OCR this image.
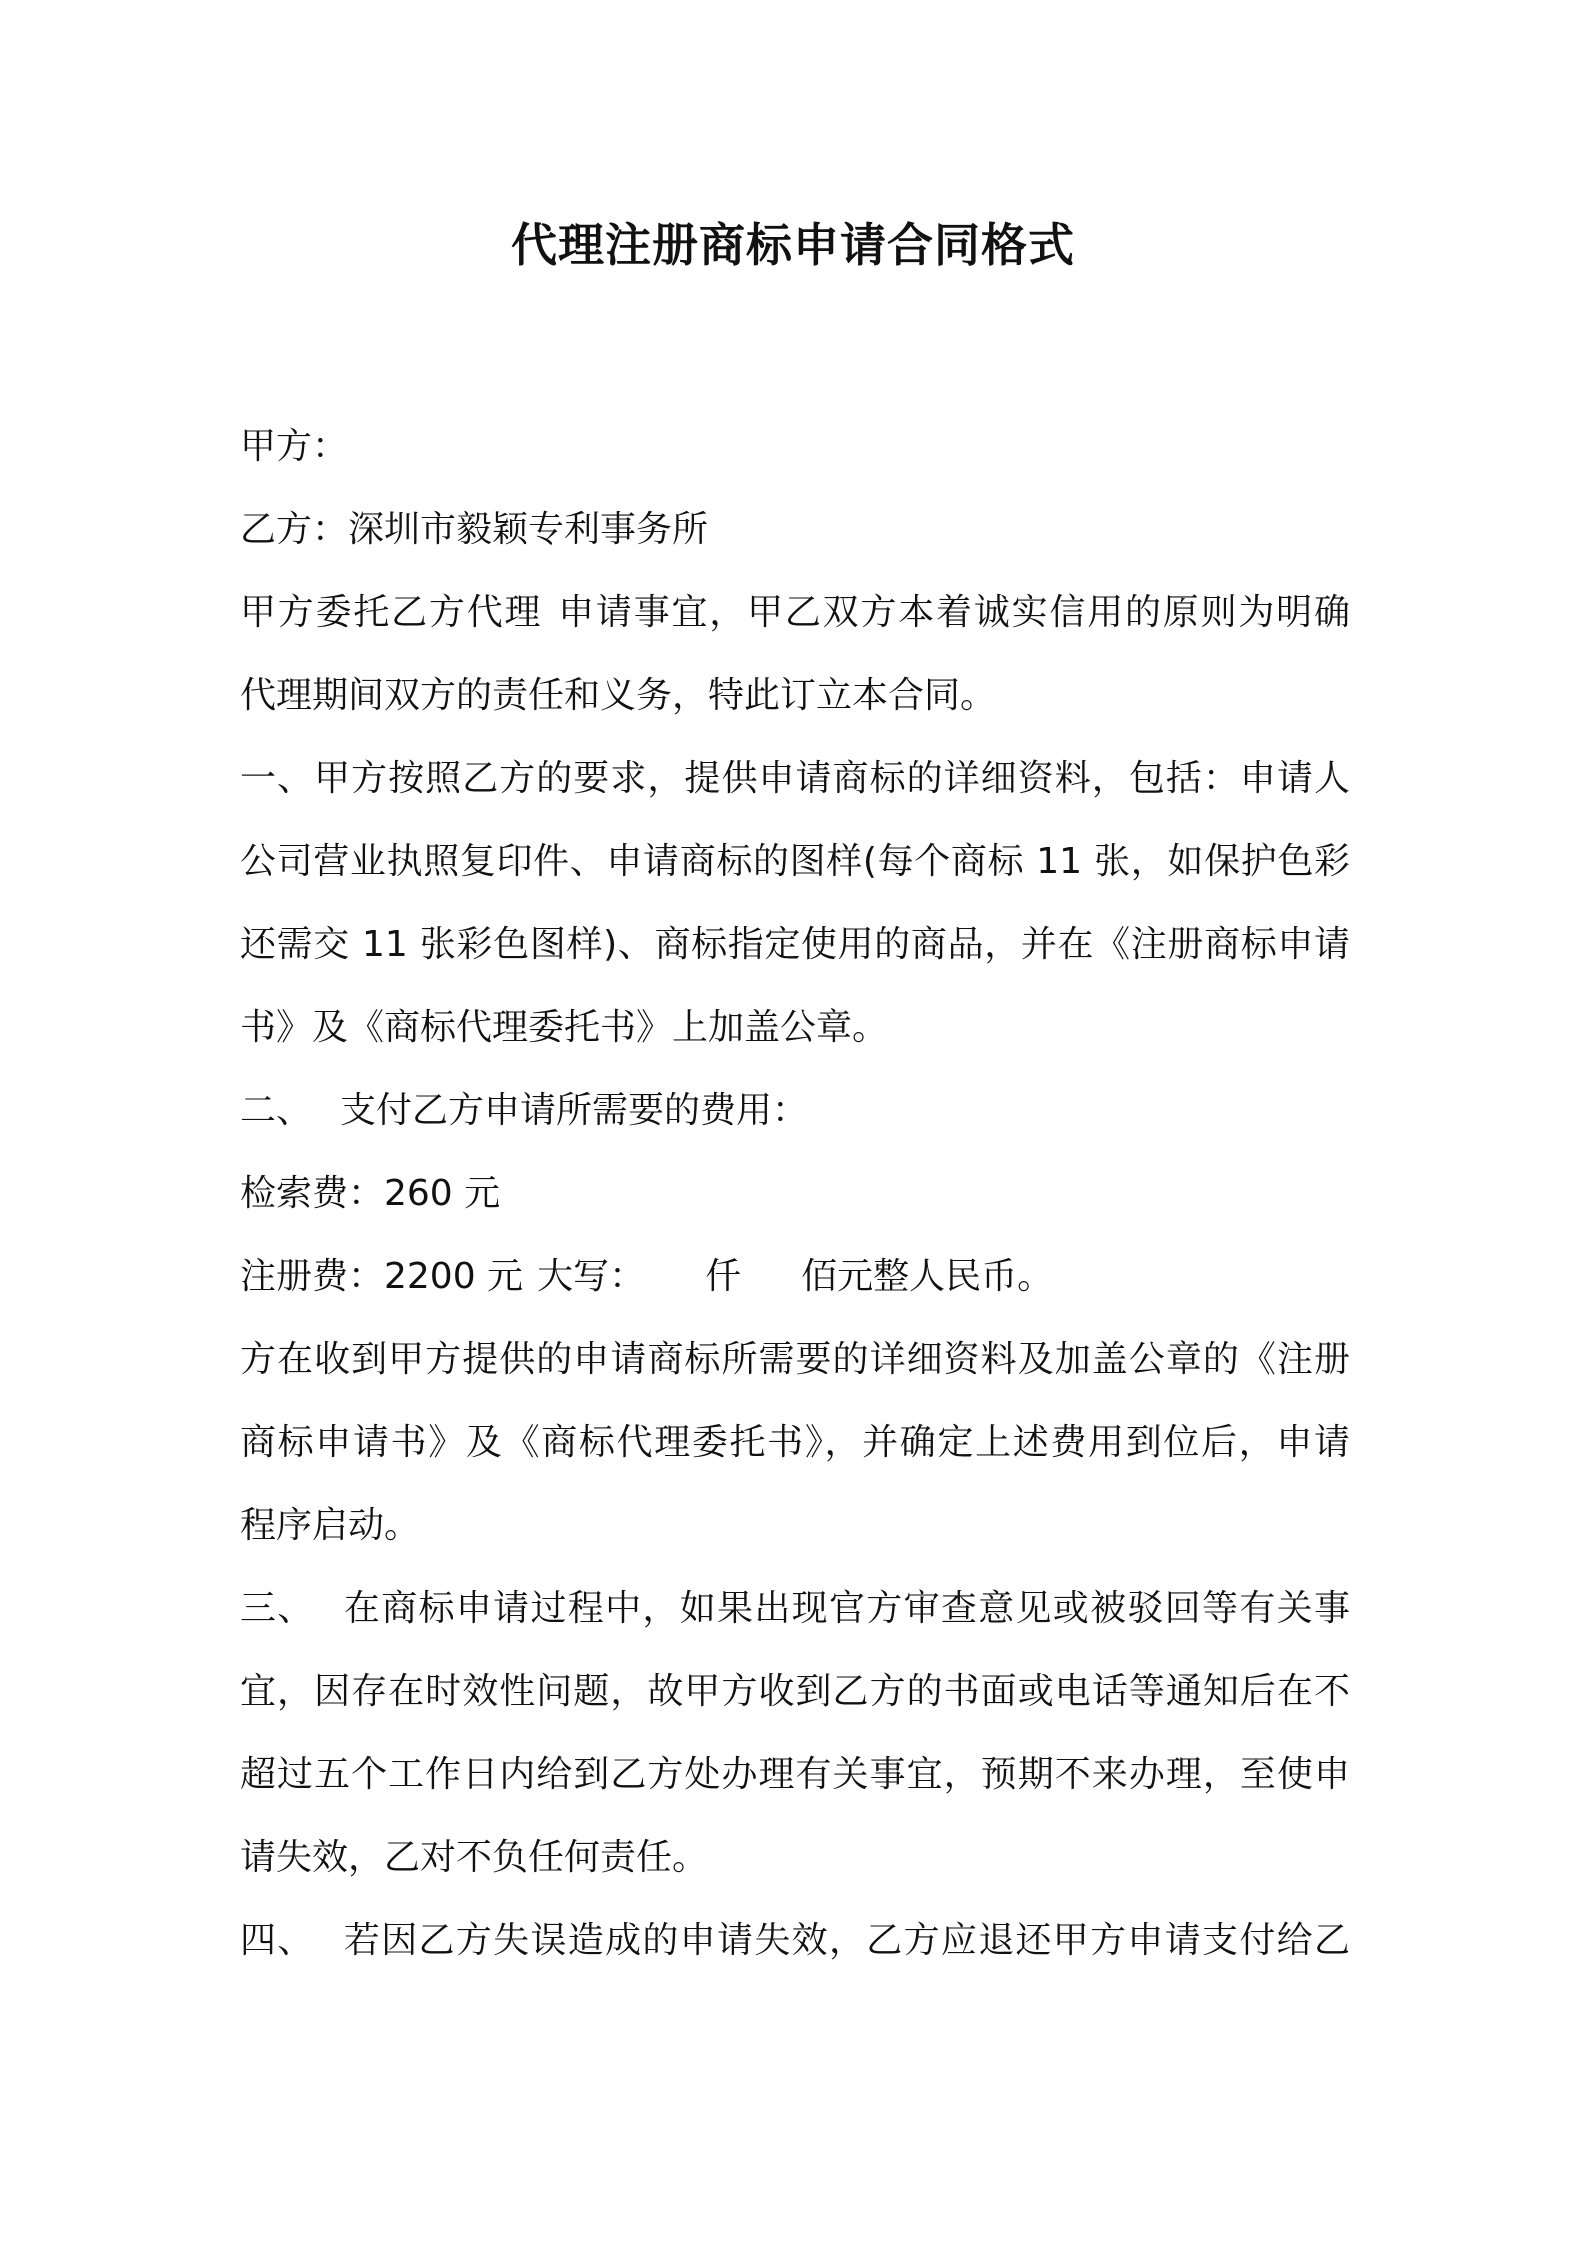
代理注册商标申请合同格式
甲方：
乙方：深圳市毅颖专利事务所
甲方委托乙方代理 申请事宜，甲乙双方本着诚实信用的原则为明确
代理期间双方的责任和义务，特此订立本合同。
一、甲方按照乙方的要求，提供申请商标的详细资料，包括：申请人
公司营业执照复印件、申请商标的图样(每个商标 11 张，如保护色彩
还需交 11 张彩色图样)、商标指定使用的商品，并在《注册商标申请
书》及《商标代理委托书》上加盖公章。
二、 支付乙方申请所需要的费用：
检索费：260 元
注册费：2200 元 大写： 仟 佰元整人民币。
方在收到甲方提供的申请商标所需要的详细资料及加盖公章的《注册
商标申请书》及《商标代理委托书》，并确定上述费用到位后，申请
程序启动。
三、 在商标申请过程中，如果出现官方审查意见或被驳回等有关事
宜，因存在时效性问题，故甲方收到乙方的书面或电话等通知后在不
超过五个工作日内给到乙方处办理有关事宜，预期不来办理，至使申
请失效，乙对不负任何责任。
四、 若因乙方失误造成的申请失效，乙方应退还甲方申请支付给乙
